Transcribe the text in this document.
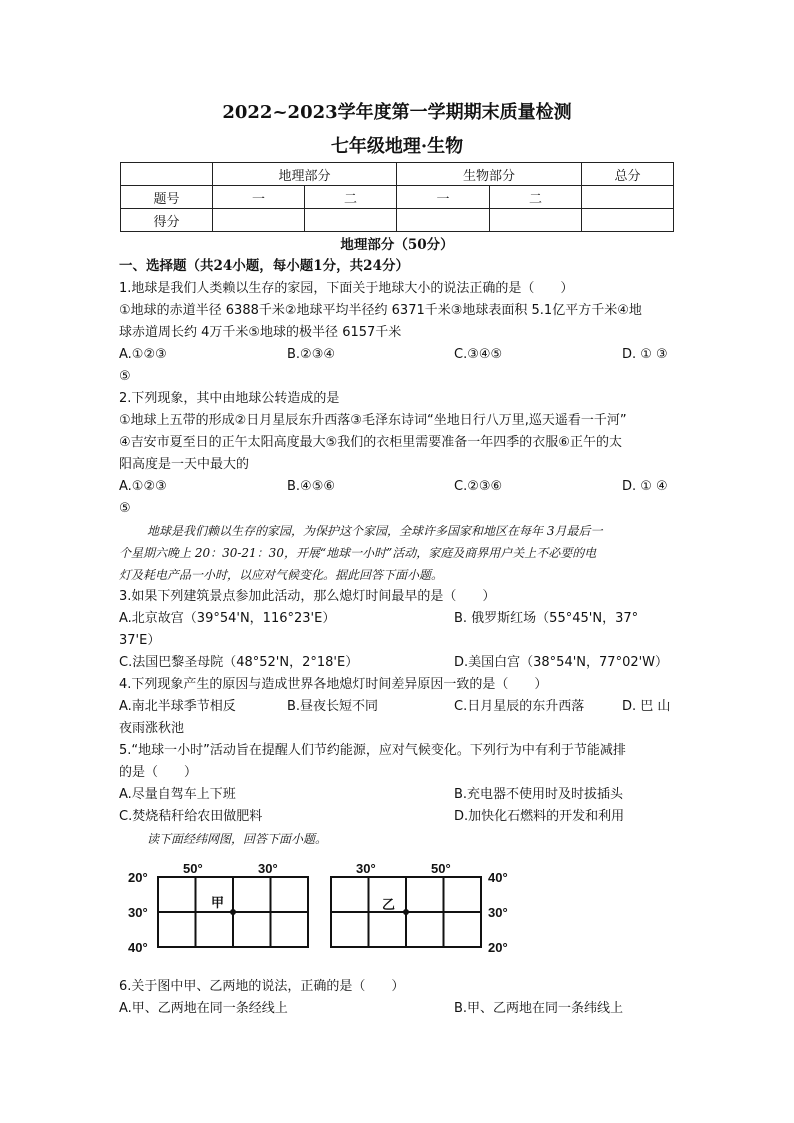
2022~2023学年度第一学期期末质量检测
七年级地理·生物
	地理部分		生物部分		总分
题号	一	二	一	二	
得分					
地理部分（50分）
一、选择题（共24小题，每小题1分，共24分）
1.地球是我们人类赖以生存的家园，下面关于地球大小的说法正确的是（　　）
①地球的赤道半径 6388千米②地球平均半径约 6371千米③地球表面积 5.1亿平方千米④地
球赤道周长约 4万千米⑤地球的极半径 6157千米
A.①②③	B.②③④	C.③④⑤	D. ① ③
⑤
2.下列现象，其中由地球公转造成的是
①地球上五带的形成②日月星辰东升西落③毛泽东诗词“坐地日行八万里,巡天遥看一千河”
④吉安市夏至日的正午太阳高度最大⑤我们的衣柜里需要准备一年四季的衣服⑥正午的太
阳高度是一天中最大的
A.①②③	B.④⑤⑥	C.②③⑥	D. ① ④
⑤
地球是我们赖以生存的家园，为保护这个家园，全球许多国家和地区在每年 3月最后一
个星期六晚上 20：30-21：30，开展“地球一小时”活动，家庭及商界用户关上不必要的电
灯及耗电产品一小时，以应对气候变化。据此回答下面小题。
3.如果下列建筑景点参加此活动，那么熄灯时间最早的是（　　）
A.北京故宫（39°54'N，116°23'E）	B. 俄罗斯红场（55°45'N，37°
37'E）
C.法国巴黎圣母院（48°52'N，2°18'E）	D.美国白宫（38°54'N，77°02'W）
4.下列现象产生的原因与造成世界各地熄灯时间差异原因一致的是（　　）
A.南北半球季节相反	B.昼夜长短不同	C.日月星辰的东升西落	D. 巴 山
夜雨涨秋池
5.“地球一小时”活动旨在提醒人们节约能源，应对气候变化。下列行为中有利于节能减排
的是（　　）
A.尽量自驾车上下班	B.充电器不使用时及时拔插头
C.焚烧秸秆给农田做肥料	D.加快化石燃料的开发和利用
读下面经纬网图，回答下面小题。
20°
30°
40°
50°	30°
甲
30°	50°
40°
30°
20°
乙
6.关于图中甲、乙两地的说法，正确的是（　　）
A.甲、乙两地在同一条经线上	B.甲、乙两地在同一条纬线上
